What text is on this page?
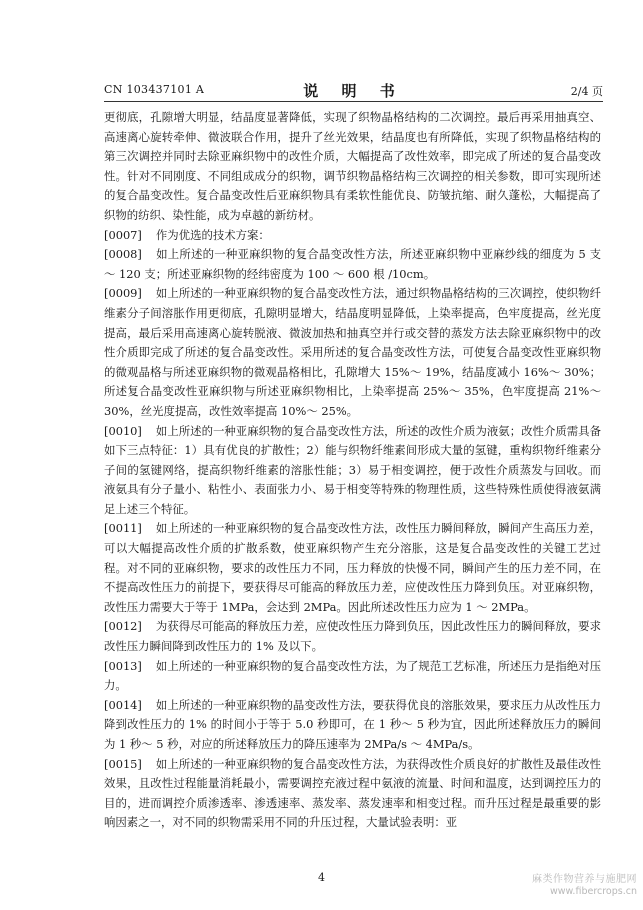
CN 103437101 A	说 明 书	2/4 页

更彻底，孔隙增大明显，结晶度显著降低，实现了织物晶格结构的二次调控。最后再采用抽真空、高速离心旋转牵伸、微波联合作用，提升了丝光效果，结晶度也有所降低，实现了织物晶格结构的第三次调控并同时去除亚麻织物中的改性介质，大幅提高了改性效率，即完成了所述的复合晶变改性。针对不同刚度、不同组成成分的织物，调节织物晶格结构三次调控的相关参数，即可实现所述的复合晶变改性。复合晶变改性后亚麻织物具有柔软性能优良、防皱抗缩、耐久蓬松，大幅提高了织物的纺织、染性能，成为卓越的新纺材。

[0007] 作为优选的技术方案：

[0008] 如上所述的一种亚麻织物的复合晶变改性方法，所述亚麻织物中亚麻纱线的细度为 5 支～ 120 支；所述亚麻织物的经纬密度为 100 ～ 600 根 /10cm。

[0009] 如上所述的一种亚麻织物的复合晶变改性方法，通过织物晶格结构的三次调控，使织物纤维素分子间溶胀作用更彻底，孔隙明显增大，结晶度明显降低，上染率提高，色牢度提高，丝光度提高，最后采用高速离心旋转脱液、微波加热和抽真空并行或交替的蒸发方法去除亚麻织物中的改性介质即完成了所述的复合晶变改性。采用所述的复合晶变改性方法，可使复合晶变改性亚麻织物的微观晶格与所述亚麻织物的微观晶格相比，孔隙增大 15%～ 19%，结晶度减小 16%～ 30%；所述复合晶变改性亚麻织物与所述亚麻织物相比，上染率提高 25%～ 35%，色牢度提高 21%～ 30%，丝光度提高，改性效率提高 10%～ 25%。

[0010] 如上所述的一种亚麻织物的复合晶变改性方法，所述的改性介质为液氨；改性介质需具备如下三点特征：1）具有优良的扩散性；2）能与织物纤维素间形成大量的氢键，重构织物纤维素分子间的氢键网络，提高织物纤维素的溶胀性能；3）易于相变调控，便于改性介质蒸发与回收。而液氨具有分子量小、粘性小、表面张力小、易于相变等特殊的物理性质，这些特殊性质使得液氨满足上述三个特征。

[0011] 如上所述的一种亚麻织物的复合晶变改性方法，改性压力瞬间释放，瞬间产生高压力差，可以大幅提高改性介质的扩散系数，使亚麻织物产生充分溶胀，这是复合晶变改性的关键工艺过程。对不同的亚麻织物，要求的改性压力不同，压力释放的快慢不同，瞬间产生的压力差不同，在不提高改性压力的前提下，要获得尽可能高的释放压力差，应使改性压力降到负压。对亚麻织物，改性压力需要大于等于 1MPa，会达到 2MPa。因此所述改性压力应为 1 ～ 2MPa。

[0012] 为获得尽可能高的释放压力差，应使改性压力降到负压，因此改性压力的瞬间释放，要求改性压力瞬间降到改性压力的 1% 及以下。

[0013] 如上所述的一种亚麻织物的复合晶变改性方法，为了规范工艺标准，所述压力是指绝对压力。

[0014] 如上所述的一种亚麻织物的晶变改性方法，要获得优良的溶胀效果，要求压力从改性压力降到改性压力的 1% 的时间小于等于 5.0 秒即可，在 1 秒～ 5 秒为宜，因此所述释放压力的瞬间为 1 秒～ 5 秒，对应的所述释放压力的降压速率为 2MPa/s ～ 4MPa/s。

[0015] 如上所述的一种亚麻织物的复合晶变改性方法，为获得改性介质良好的扩散性及最佳改性效果，且改性过程能量消耗最小，需要调控充液过程中氨液的流量、时间和温度，达到调控压力的目的，进而调控介质渗透率、渗透速率、蒸发率、蒸发速率和相变过程。而升压过程是最重要的影响因素之一，对不同的织物需采用不同的升压过程，大量试验表明：亚

4	麻类作物营养与施肥网
www.fibercrops.cn
